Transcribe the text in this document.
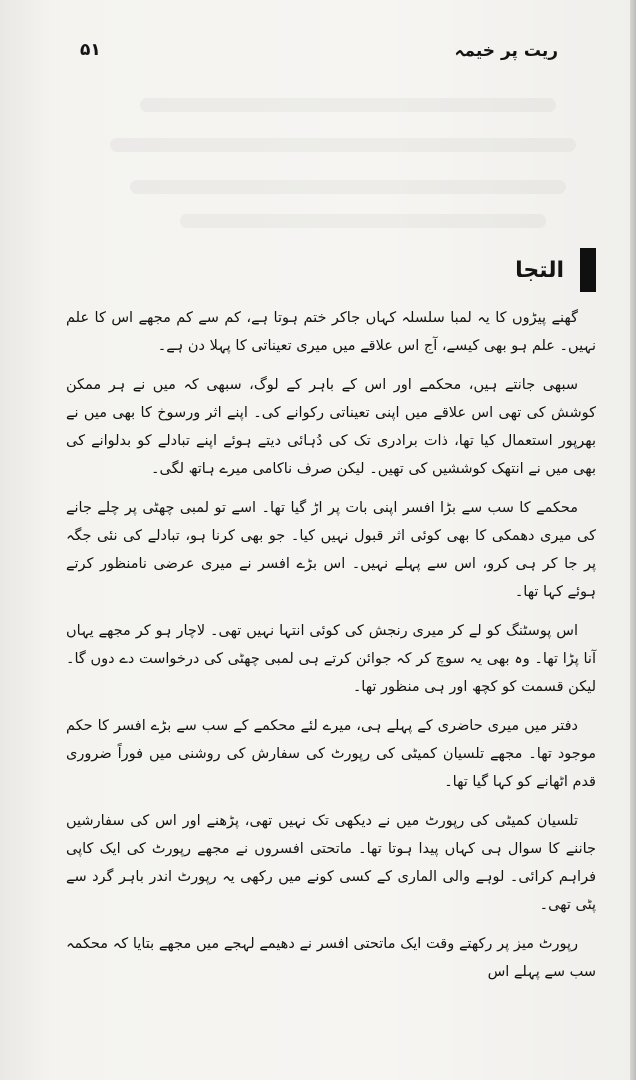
۵۱	ریت پر خیمہ
التجا

گھنے پیڑوں کا یہ لمبا سلسلہ کہاں جاکر ختم ہوتا ہے، کم سے کم مجھے اس کا علم نہیں۔ علم ہو بھی کیسے، آج اس علاقے میں میری تعیناتی کا پہلا دن ہے۔

سبھی جانتے ہیں، محکمے اور اس کے باہر کے لوگ، سبھی کہ میں نے ہر ممکن کوشش کی تھی اس علاقے میں اپنی تعیناتی رکوانے کی۔ اپنے اثر ورسوخ کا بھی میں نے بھرپور استعمال کیا تھا، ذات برادری تک کی دُہائی دیتے ہوئے اپنے تبادلے کو بدلوانے کی بھی میں نے انتھک کوششیں کی تھیں۔ لیکن صرف ناکامی میرے ہاتھ لگی۔

محکمے کا سب سے بڑا افسر اپنی بات پر اڑ گیا تھا۔ اسے تو لمبی چھٹی پر چلے جانے کی میری دھمکی کا بھی کوئی اثر قبول نہیں کیا۔ جو بھی کرنا ہو، تبادلے کی نئی جگہ پر جا کر ہی کرو، اس سے پہلے نہیں۔ اس بڑے افسر نے میری عرضی نامنظور کرتے ہوئے کہا تھا۔

اس پوسٹنگ کو لے کر میری رنجش کی کوئی انتہا نہیں تھی۔ لاچار ہو کر مجھے یہاں آنا پڑا تھا۔ وہ بھی یہ سوچ کر کہ جوائن کرتے ہی لمبی چھٹی کی درخواست دے دوں گا۔ لیکن قسمت کو کچھ اور ہی منظور تھا۔

دفتر میں میری حاضری کے پہلے ہی، میرے لئے محکمے کے سب سے بڑے افسر کا حکم موجود تھا۔ مجھے تلسیان کمیٹی کی رپورٹ کی سفارش کی روشنی میں فوراً ضروری قدم اٹھانے کو کہا گیا تھا۔

تلسیان کمیٹی کی رپورٹ میں نے دیکھی تک نہیں تھی، پڑھنے اور اس کی سفارشیں جاننے کا سوال ہی کہاں پیدا ہوتا تھا۔ ماتحتی افسروں نے مجھے رپورٹ کی ایک کاپی فراہم کرائی۔ لوہے والی الماری کے کسی کونے میں رکھی یہ رپورٹ اندر باہر گرد سے پٹی تھی۔

رپورٹ میز پر رکھتے وقت ایک ماتحتی افسر نے دھیمے لہجے میں مجھے بتایا کہ محکمہ سب سے پہلے اس
